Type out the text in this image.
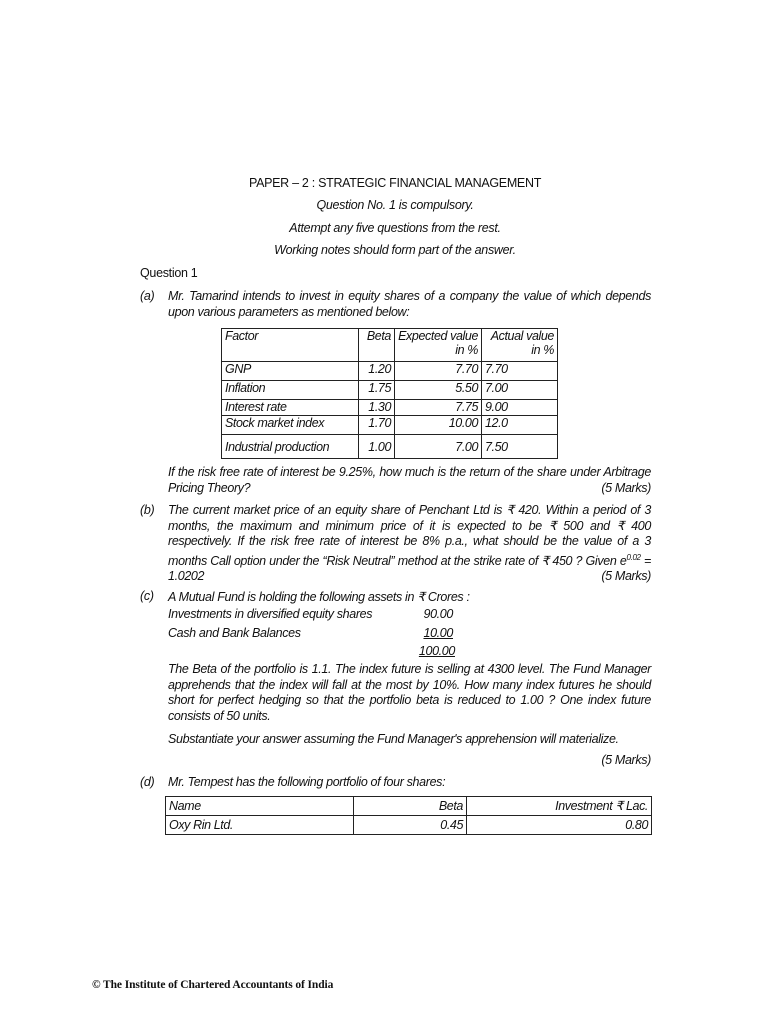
PAPER – 2 : STRATEGIC FINANCIAL MANAGEMENT
Question No. 1 is compulsory.
Attempt any five questions from the rest.
Working notes should form part of the answer.
Question 1
(a) Mr. Tamarind intends to invest in equity shares of a company the value of which depends upon various parameters as mentioned below:
Factor	Beta	Expected value in %	Actual value in %
GNP	1.20	7.70	7.70
Inflation	1.75	5.50	7.00
Interest rate	1.30	7.75	9.00
Stock market index	1.70	10.00	12.0
Industrial production	1.00	7.00	7.50
If the risk free rate of interest be 9.25%, how much is the return of the share under Arbitrage Pricing Theory?	(5 Marks)
(b) The current market price of an equity share of Penchant Ltd is ₹ 420. Within a period of 3 months, the maximum and minimum price of it is expected to be ₹ 500 and ₹ 400 respectively. If the risk free rate of interest be 8% p.a., what should be the value of a 3 months Call option under the “Risk Neutral” method at the strike rate of ₹ 450 ? Given $e^{0.02} = 1.0202$	(5 Marks)
(c) A Mutual Fund is holding the following assets in ₹ Crores :
Investments in diversified equity shares	90.00
Cash and Bank Balances	10.00
100.00
The Beta of the portfolio is 1.1. The index future is selling at 4300 level. The Fund Manager apprehends that the index will fall at the most by 10%. How many index futures he should short for perfect hedging so that the portfolio beta is reduced to 1.00 ? One index future consists of 50 units.
Substantiate your answer assuming the Fund Manager's apprehension will materialize.
(5 Marks)
(d) Mr. Tempest has the following portfolio of four shares:
Name	Beta	Investment ₹ Lac.
Oxy Rin Ltd.	0.45	0.80
© The Institute of Chartered Accountants of India
